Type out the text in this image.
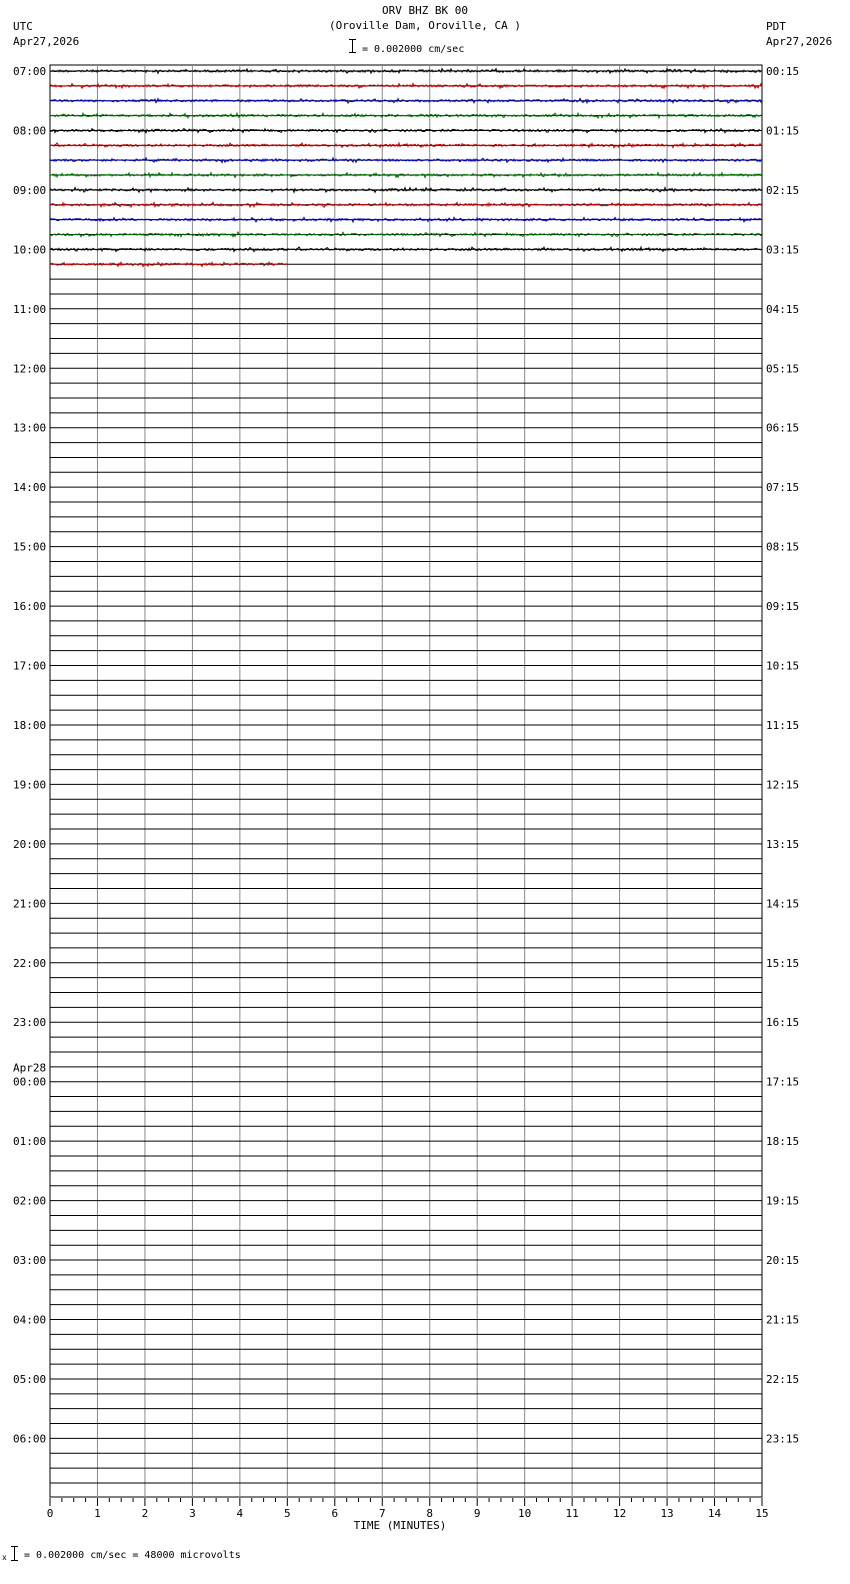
ORV BHZ BK 00
(Oroville Dam, Oroville, CA )
= 0.002000 cm/sec
UTC
Apr27,2026
PDT
Apr27,2026
07:00
08:00
09:00
10:00
11:00
12:00
13:00
14:00
15:00
16:00
17:00
18:00
19:00
20:00
21:00
22:00
23:00
00:00
01:00
02:00
03:00
04:00
05:00
06:00
Apr28
00:15
01:15
02:15
03:15
04:15
05:15
06:15
07:15
08:15
09:15
10:15
11:15
12:15
13:15
14:15
15:15
16:15
17:15
18:15
19:15
20:15
21:15
22:15
23:15
0	1	2	3	4	5	6	7	8	9	10	11	12	13	14	15
TIME (MINUTES)
x = 0.002000 cm/sec = 48000 microvolts
